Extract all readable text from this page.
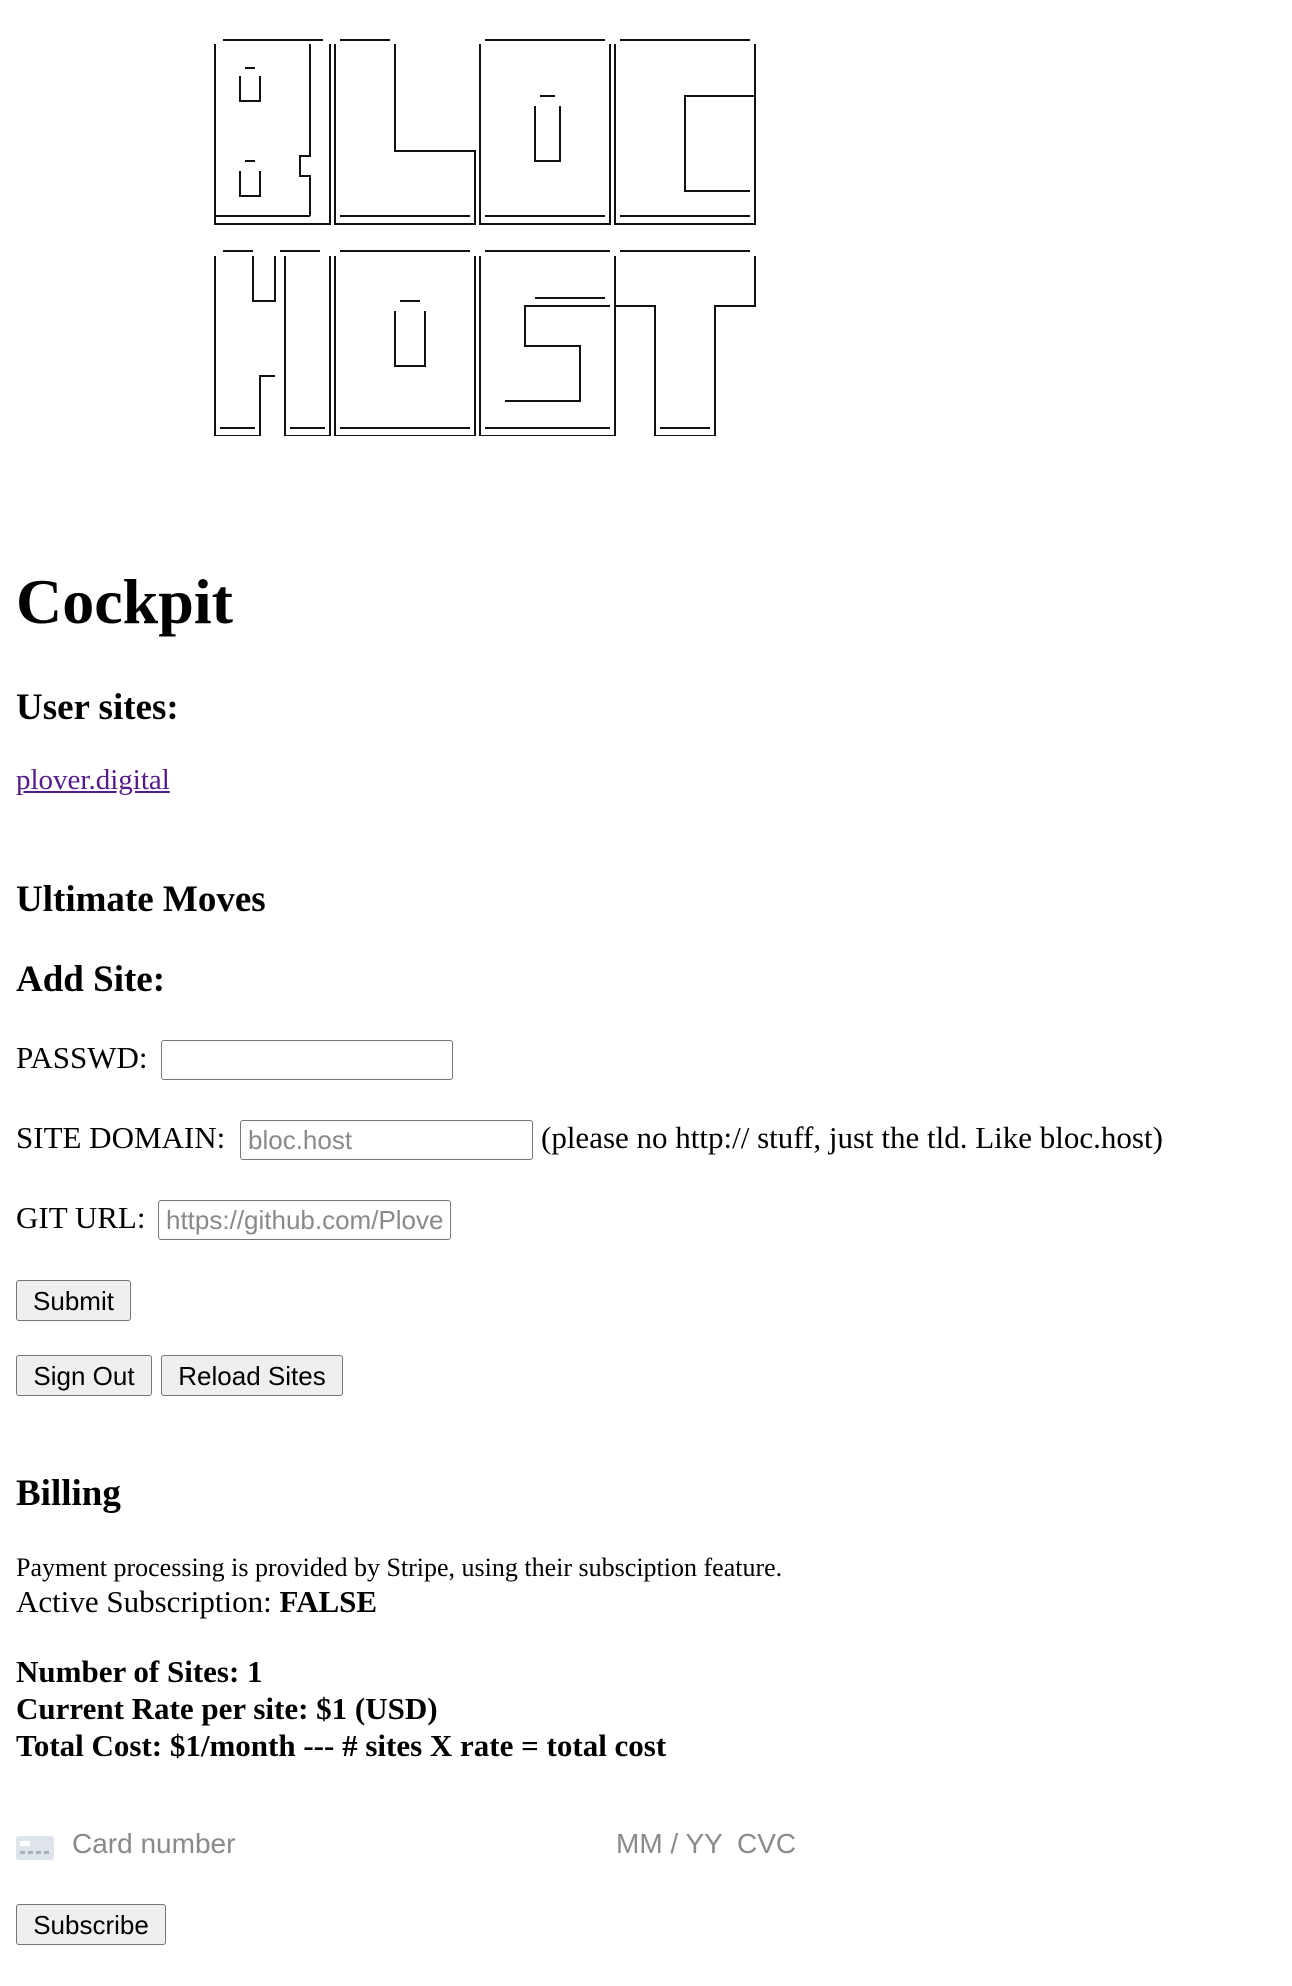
Cockpit
User sites:
plover.digital
Ultimate Moves
Add Site:
PASSWD:
SITE DOMAIN:
bloc.host	(please no http:// stuff, just the tld. Like bloc.host)
GIT URL:
https://github.com/Plover
Submit
Sign Out	Reload Sites
Billing
Payment processing is provided by Stripe, using their subsciption feature.
Active Subscription: FALSE
Number of Sites: 1
Current Rate per site: $1 (USD)
Total Cost: $1/month --- # sites X rate = total cost
Card number	MM / YY CVC
Subscribe
